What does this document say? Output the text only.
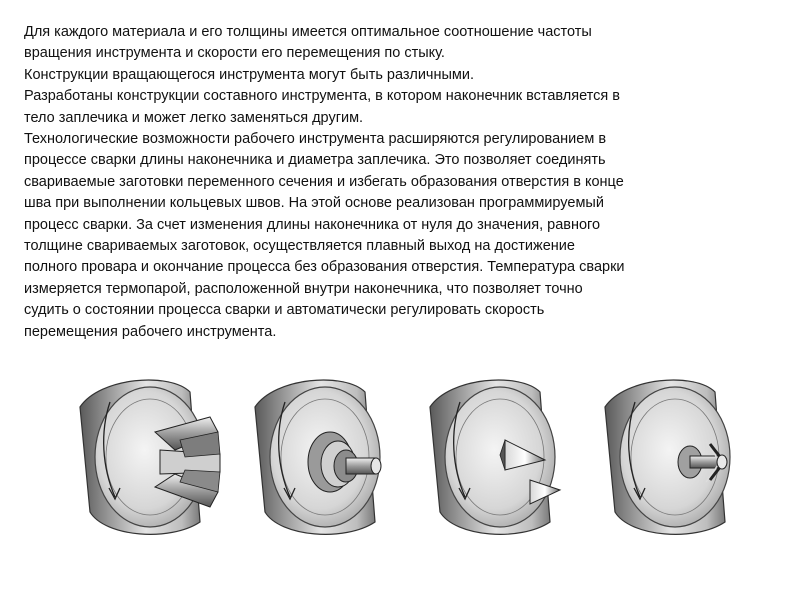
Для каждого материала и его толщины имеется оптимальное соотношение частоты
вращения инструмента и скорости его перемещения по стыку.
Конструкции вращающегося инструмента могут быть различными.
Разработаны конструкции составного инструмента, в котором наконечник вставляется в
тело заплечика и может легко заменяться другим.
Технологические возможности рабочего инструмента расширяются регулированием в
процессе сварки длины наконечника и диаметра заплечика. Это позволяет соединять
свариваемые заготовки переменного сечения и избегать образования отверстия в конце
шва при выполнении кольцевых швов. На этой основе реализован программируемый
процесс сварки. За счет изменения длины наконечника от нуля до значения, равного
толщине свариваемых заготовок, осуществляется плавный выход на достижение
полного провара и окончание процесса без образования отверстия. Температура сварки
измеряется термопарой, расположенной внутри наконечника, что позволяет точно
судить о состоянии процесса сварки и автоматически регулировать скорость
перемещения рабочего инструмента.
